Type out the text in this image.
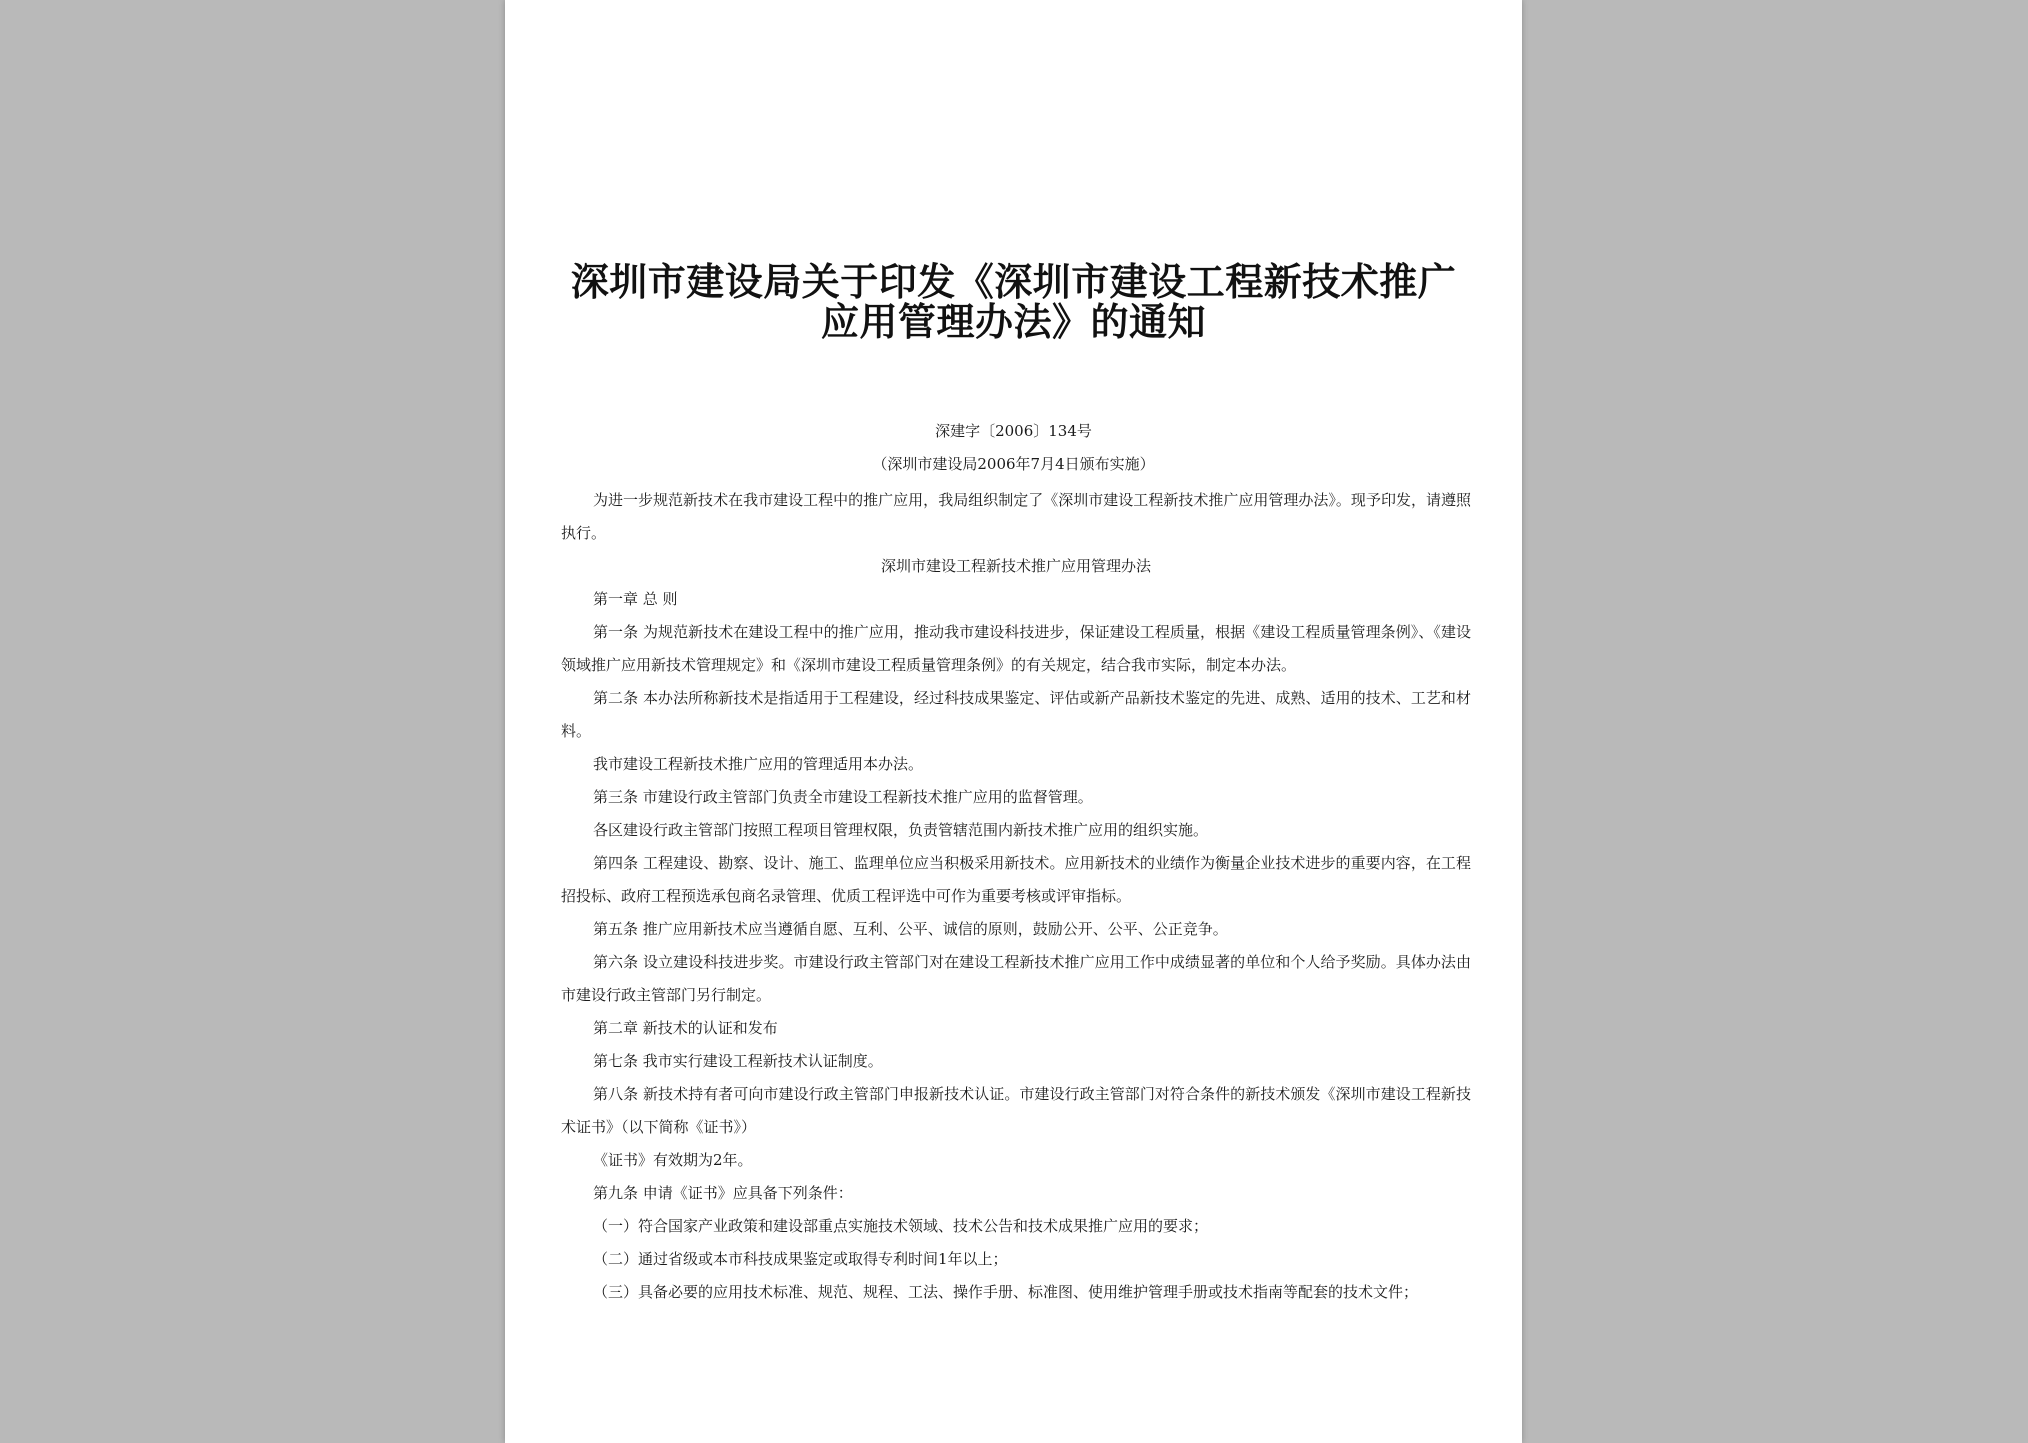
深圳市建设局关于印发《深圳市建设工程新技术推广
应用管理办法》的通知
深建字〔2006〕134号
（深圳市建设局2006年7月4日颁布实施）

为进一步规范新技术在我市建设工程中的推广应用，我局组织制定了《深圳市建设工程新技术推广应用管理办法》。现予印发，请遵照执行。

深圳市建设工程新技术推广应用管理办法

第一章 总 则

第一条 为规范新技术在建设工程中的推广应用，推动我市建设科技进步，保证建设工程质量，根据《建设工程质量管理条例》、《建设领域推广应用新技术管理规定》和《深圳市建设工程质量管理条例》的有关规定，结合我市实际，制定本办法。

第二条 本办法所称新技术是指适用于工程建设，经过科技成果鉴定、评估或新产品新技术鉴定的先进、成熟、适用的技术、工艺和材料。

我市建设工程新技术推广应用的管理适用本办法。

第三条 市建设行政主管部门负责全市建设工程新技术推广应用的监督管理。

各区建设行政主管部门按照工程项目管理权限，负责管辖范围内新技术推广应用的组织实施。

第四条 工程建设、勘察、设计、施工、监理单位应当积极采用新技术。应用新技术的业绩作为衡量企业技术进步的重要内容，在工程招投标、政府工程预选承包商名录管理、优质工程评选中可作为重要考核或评审指标。

第五条 推广应用新技术应当遵循自愿、互利、公平、诚信的原则，鼓励公开、公平、公正竞争。

第六条 设立建设科技进步奖。市建设行政主管部门对在建设工程新技术推广应用工作中成绩显著的单位和个人给予奖励。具体办法由市建设行政主管部门另行制定。

第二章 新技术的认证和发布

第七条 我市实行建设工程新技术认证制度。

第八条 新技术持有者可向市建设行政主管部门申报新技术认证。市建设行政主管部门对符合条件的新技术颁发《深圳市建设工程新技术证书》（以下简称《证书》）

《证书》有效期为2年。

第九条 申请《证书》应具备下列条件：

（一）符合国家产业政策和建设部重点实施技术领域、技术公告和技术成果推广应用的要求；

（二）通过省级或本市科技成果鉴定或取得专利时间1年以上；

（三）具备必要的应用技术标准、规范、规程、工法、操作手册、标准图、使用维护管理手册或技术指南等配套的技术文件；
